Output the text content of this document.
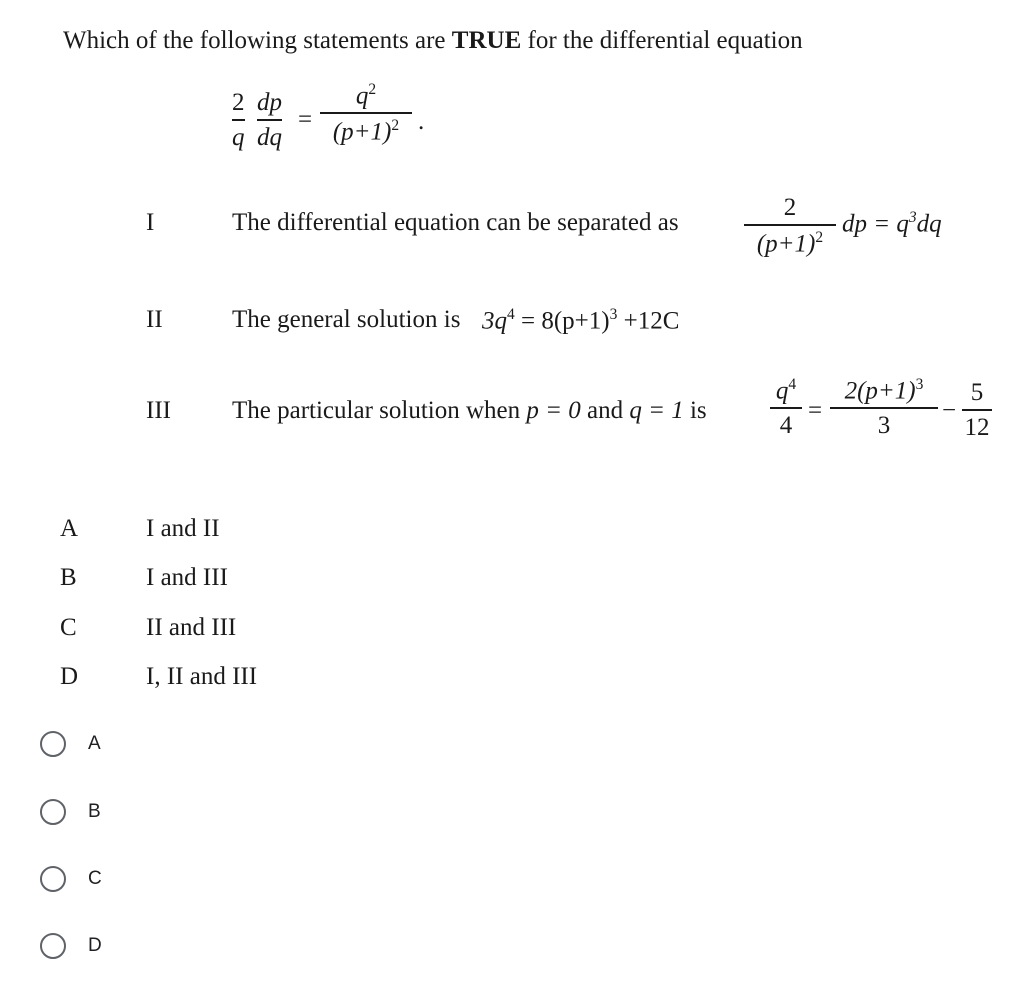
Which of the following statements are TRUE for the differential equation
2
q
dp
dq
=
$q^2$
$(p+1)^2$ .
I	The differential equation can be separated as
2
$(p+1)^2$
dp = $q^3dq$
II	The general solution is $3q^4 = 8(p+1)^3 +12C$
III The particular solution when p = 0 and q = 1 is
$q^4$
4
=
$2(p+1)^3$
3
−
5
12
A	I and II
B	I and III
C	II and III
D	I, II and III
A
B
C
D
